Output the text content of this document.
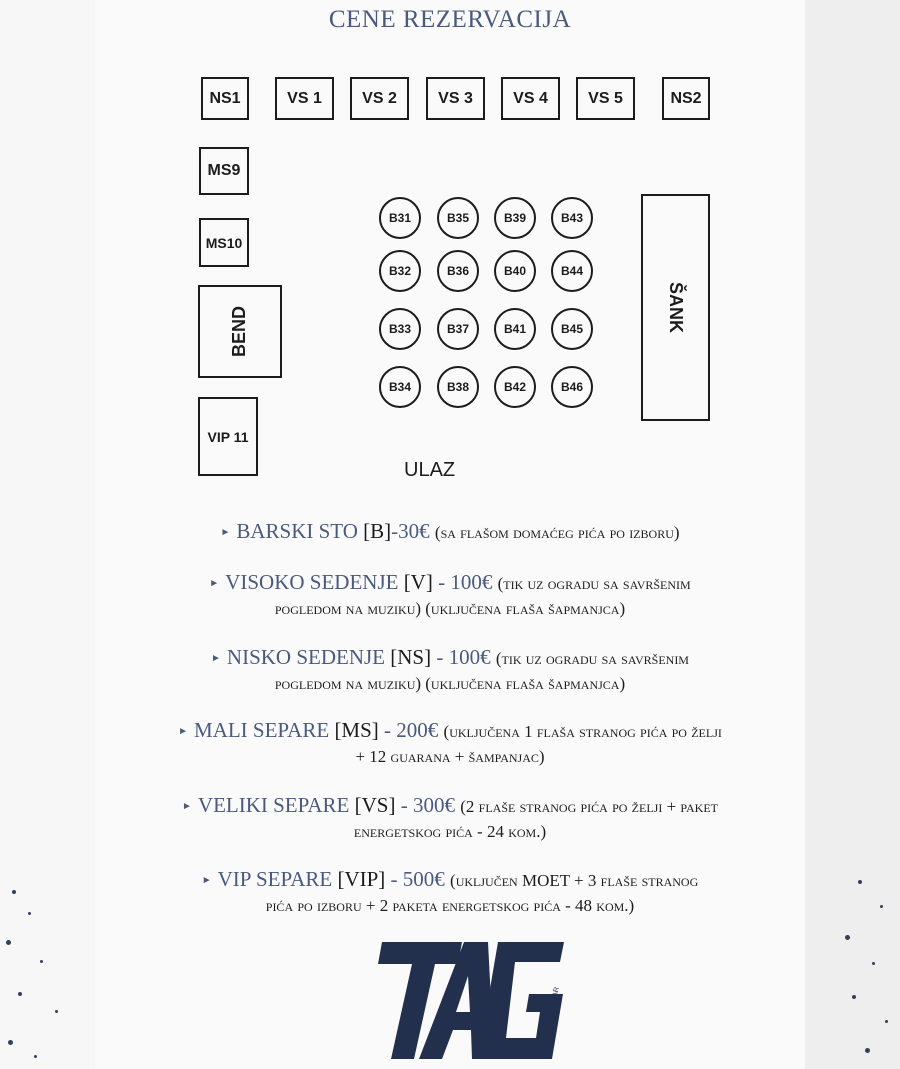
CENE REZERVACIJA
NS1	VS 1	VS 2	VS 3	VS 4	VS 5	NS2
MS9
MS10
BEND
VIP 11
ŠANK
B31	B35	B39	B43
B32	B36	B40	B44
B33	B37	B41	B45
B34	B38	B42	B46
ULAZ
► BARSKI STO [B]-30€ (sa flašom domaćeg pića po izboru)
► VISOKO SEDENJE [V] - 100€ (tik uz ogradu sa savršenim
pogledom na muziku) (uključena flaša šapmanjca)
► NISKO SEDENJE [NS] - 100€ (tik uz ogradu sa savršenim
pogledom na muziku) (uključena flaša šapmanjca)
► MALI SEPARE [MS] - 200€ (uključena 1 flaša stranog pića po želji
+ 12 guarana + šampanjac)
► VELIKI SEPARE [VS] - 300€ (2 flaše stranog pića po želji + paket
energetskog pića - 24 kom.)
► VIP SEPARE [VIP] - 500€ (uključen MOET + 3 flaše stranog
pića po izboru + 2 paketa energetskog pića - 48 kom.)
THE GASTRO BAR
